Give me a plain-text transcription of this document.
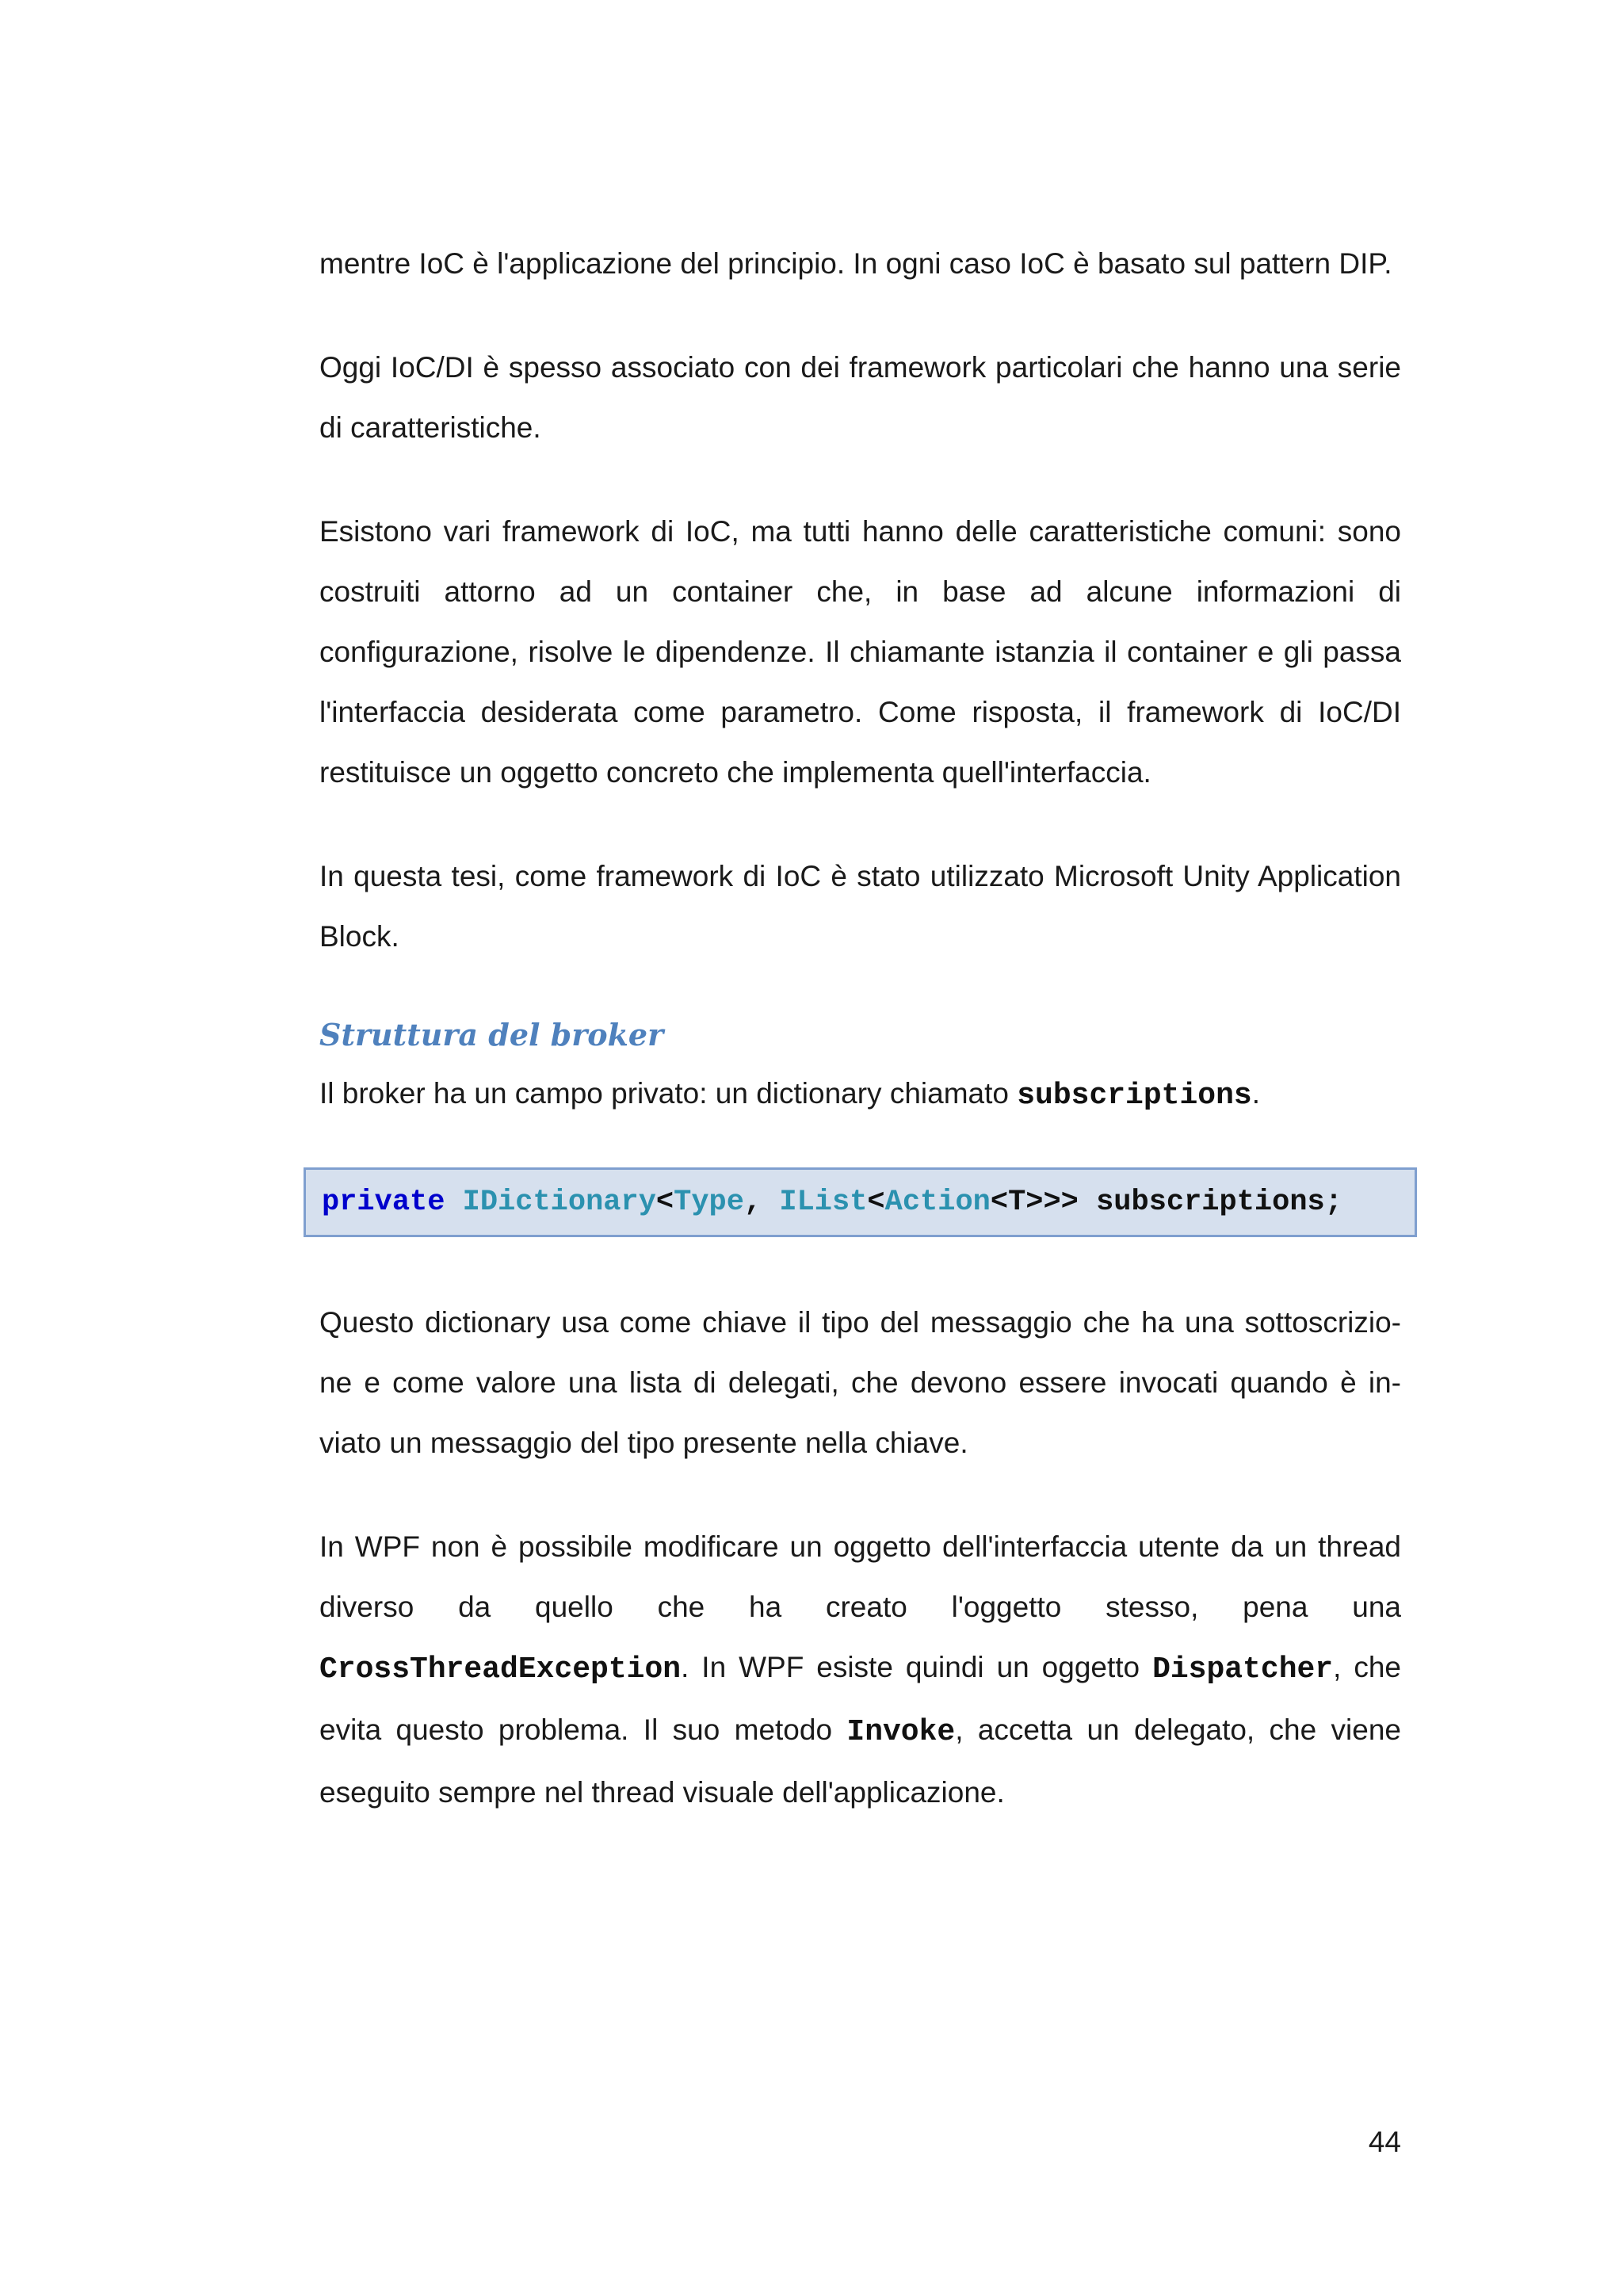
mentre IoC è l'applicazione del principio. In ogni caso IoC è basato sul pattern DIP.

Oggi IoC/DI è spesso associato con dei framework particolari che hanno una serie di caratteristiche.

Esistono vari framework di IoC, ma tutti hanno delle caratteristiche comuni: sono costruiti attorno ad un container che, in base ad alcune informazioni di configurazione, risolve le dipendenze. Il chiamante istanzia il container e gli passa l'interfaccia desiderata come parametro. Come risposta, il framework di IoC/DI restituisce un oggetto concreto che implementa quell'interfaccia.

In questa tesi, come framework di IoC è stato utilizzato Microsoft Unity Application Block.

Struttura del broker

Il broker ha un campo privato: un dictionary chiamato subscriptions.

private
IDictionary < Type , IList < Action <T>>> subscriptions;

Questo dictionary usa come chiave il tipo del messaggio che ha una sottoscrizio- ne e come valore una lista di delegati, che devono essere invocati quando è in- viato un messaggio del tipo presente nella chiave.

In WPF non è possibile modificare un oggetto dell'interfaccia utente da un thread diverso da quello che ha creato l'oggetto stesso, pena una CrossThreadException. In WPF esiste quindi un oggetto Dispatcher, che evita questo problema. Il suo metodo Invoke, accetta un delegato, che viene eseguito sempre nel thread visuale dell'applicazione.

44
